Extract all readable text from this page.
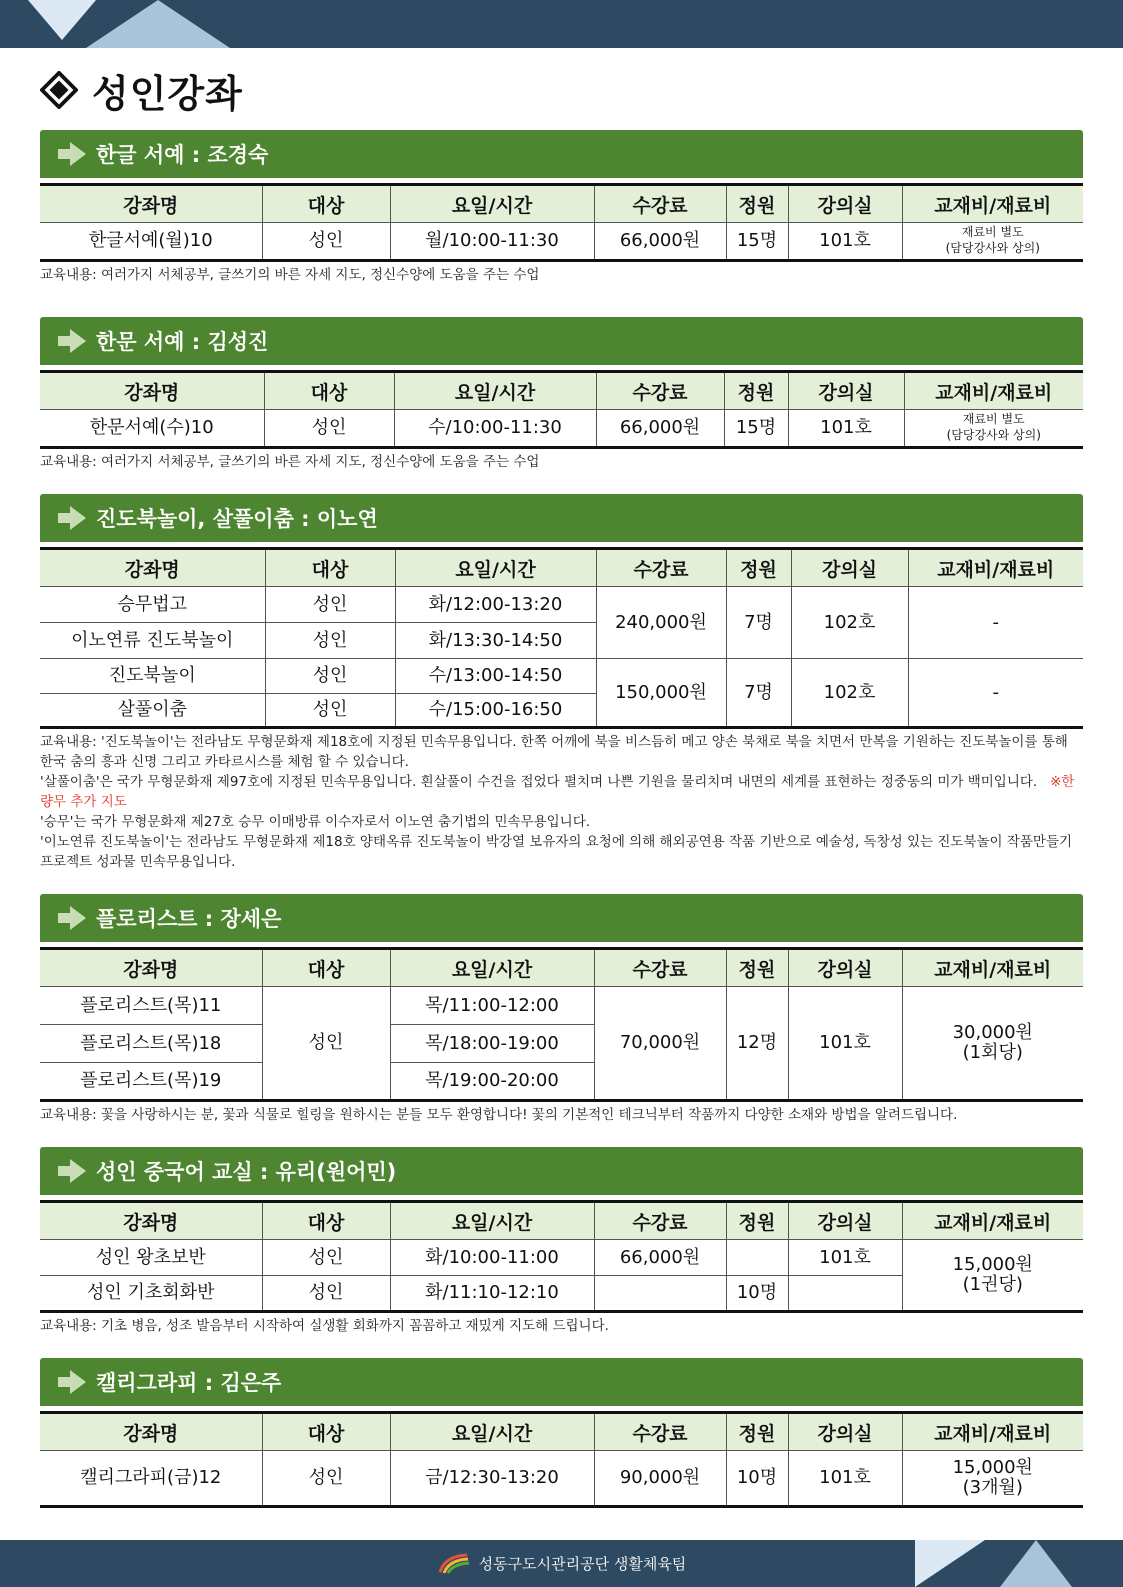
성인강좌
한글 서예 : 조경숙
강좌명	대상	요일/시간	수강료	정원	강의실	교재비/재료비
한글서예(월)10	성인	월/10:00-11:30	66,000원	15명	101호	재료비 별도
(담당강사와 상의)
교육내용: 여러가지 서체공부, 글쓰기의 바른 자세 지도, 정신수양에 도움을 주는 수업
한문 서예 : 김성진
강좌명	대상	요일/시간	수강료	정원	강의실	교재비/재료비
한문서예(수)10	성인	수/10:00-11:30	66,000원	15명	101호	재료비 별도
(담당강사와 상의)
교육내용: 여러가지 서체공부, 글쓰기의 바른 자세 지도, 정신수양에 도움을 주는 수업
진도북놀이, 살풀이춤 : 이노연
강좌명	대상	요일/시간	수강료	정원	강의실	교재비/재료비
승무법고	성인	화/12:00-13:20	240,000원	7명	102호	-
이노연류 진도북놀이	성인	화/13:30-14:50				
진도북놀이	성인	수/13:00-14:50	150,000원	7명	102호	-
살풀이춤	성인	수/15:00-16:50				
교육내용: '진도북놀이'는 전라남도 무형문화재 제18호에 지정된 민속무용입니다. 한쪽 어깨에 북을 비스듬히 메고 양손 북채로 북을 치면서 만복을 기원하는 진도북놀이를 통해 한국 춤의 흥과 신명 그리고 카타르시스를 체험 할 수 있습니다.
'살풀이춤'은 국가 무형문화재 제97호에 지정된 민속무용입니다. 흰살풀이 수건을 접었다 펼치며 나쁜 기원을 물리치며 내면의 세계를 표현하는 정중동의 미가 백미입니다. ※한량무 추가 지도
'승무'는 국가 무형문화재 제27호 승무 이매방류 이수자로서 이노연 춤기법의 민속무용입니다.
'이노연류 진도북놀이'는 전라남도 무형문화재 제18호 양태옥류 진도북놀이 박강열 보유자의 요청에 의해 해외공연용 작품 기반으로 예술성, 독창성 있는 진도북놀이 작품만들기 프로젝트 성과물 민속무용입니다.
플로리스트 : 장세은
강좌명	대상	요일/시간	수강료	정원	강의실	교재비/재료비
플로리스트(목)11	성인	목/11:00-12:00	70,000원	12명	101호	30,000원
(1회당)
플로리스트(목)18		목/18:00-19:00				
플로리스트(목)19		목/19:00-20:00				
교육내용: 꽃을 사랑하시는 분, 꽃과 식물로 힐링을 원하시는 분들 모두 환영합니다! 꽃의 기본적인 테크닉부터 작품까지 다양한 소재와 방법을 알려드립니다.
성인 중국어 교실 : 유리(원어민)
강좌명	대상	요일/시간	수강료	정원	강의실	교재비/재료비
성인 왕초보반	성인	화/10:00-11:00	66,000원		101호	15,000원
(1권당)
성인 기초회화반	성인	화/11:10-12:10		10명		
교육내용: 기초 병음, 성조 발음부터 시작하여 실생활 회화까지 꼼꼼하고 재밌게 지도해 드립니다.
캘리그라피 : 김은주
강좌명	대상	요일/시간	수강료	정원	강의실	교재비/재료비
캘리그라피(금)12	성인	금/12:30-13:20	90,000원	10명	101호	15,000원
(3개월)
성동구도시관리공단 생활체육팀
